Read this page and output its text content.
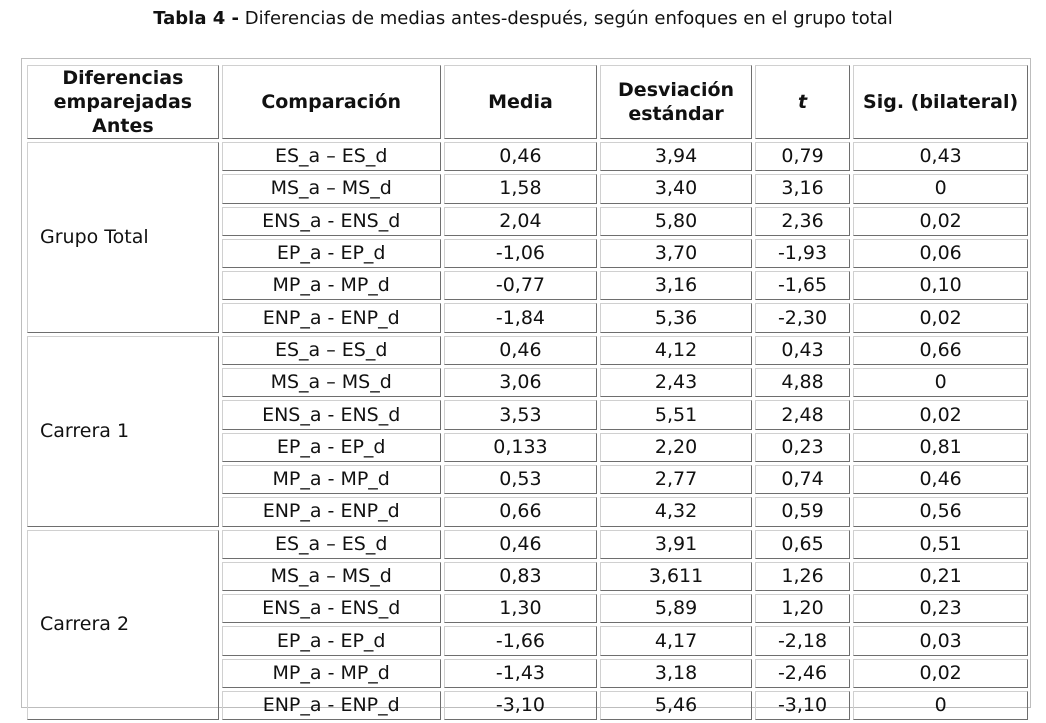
Tabla 4 - Diferencias de medias antes-después, según enfoques en el grupo total
Diferencias emparejadas Antes	Comparación	Media	Desviación estándar	t	Sig. (bilateral)
Grupo Total	ES_a – ES_d	0,46	3,94	0,79	0,43
	MS_a – MS_d	1,58	3,40	3,16	0
	ENS_a - ENS_d	2,04	5,80	2,36	0,02
	EP_a - EP_d	-1,06	3,70	-1,93	0,06
	MP_a - MP_d	-0,77	3,16	-1,65	0,10
	ENP_a - ENP_d	-1,84	5,36	-2,30	0,02
Carrera 1	ES_a – ES_d	0,46	4,12	0,43	0,66
	MS_a – MS_d	3,06	2,43	4,88	0
	ENS_a - ENS_d	3,53	5,51	2,48	0,02
	EP_a - EP_d	0,133	2,20	0,23	0,81
	MP_a - MP_d	0,53	2,77	0,74	0,46
	ENP_a - ENP_d	0,66	4,32	0,59	0,56
Carrera 2	ES_a – ES_d	0,46	3,91	0,65	0,51
	MS_a – MS_d	0,83	3,611	1,26	0,21
	ENS_a - ENS_d	1,30	5,89	1,20	0,23
	EP_a - EP_d	-1,66	4,17	-2,18	0,03
	MP_a - MP_d	-1,43	3,18	-2,46	0,02
	ENP_a - ENP_d	-3,10	5,46	-3,10	0
